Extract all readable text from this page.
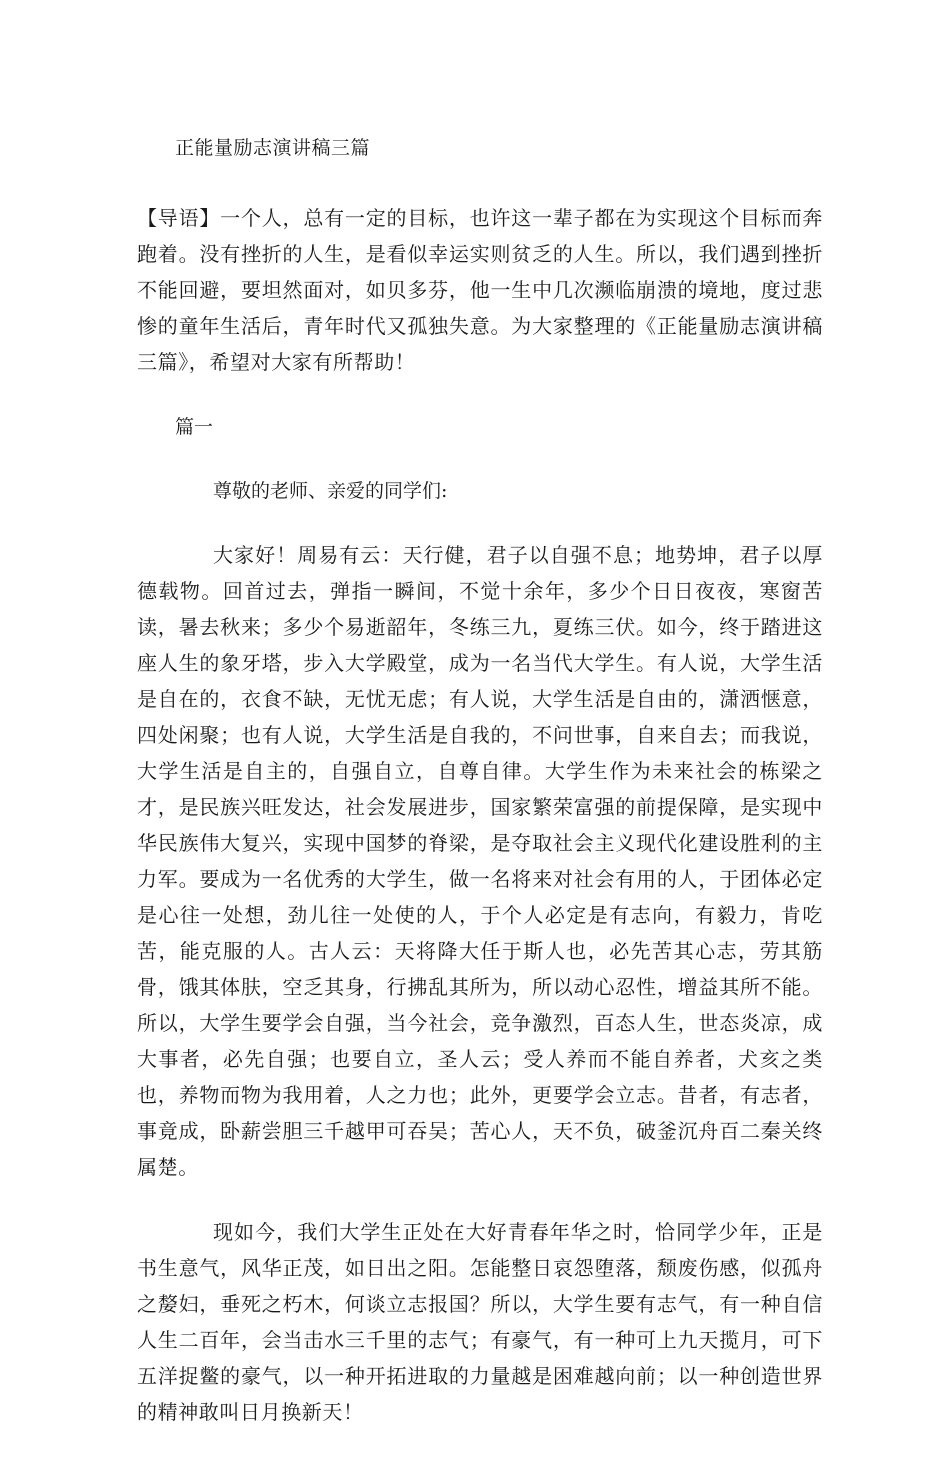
正能量励志演讲稿三篇

【导语】一个人，总有一定的目标，也许这一辈子都在为实现这个目标而奔跑着。没有挫折的人生，是看似幸运实则贫乏的人生。所以，我们遇到挫折不能回避，要坦然面对，如贝多芬，他一生中几次濒临崩溃的境地，度过悲惨的童年生活后，青年时代又孤独失意。为大家整理的《正能量励志演讲稿三篇》，希望对大家有所帮助！

篇一

尊敬的老师、亲爱的同学们:

大家好！周易有云：天行健，君子以自强不息；地势坤，君子以厚德载物。回首过去，弹指一瞬间，不觉十余年，多少个日日夜夜，寒窗苦读，暑去秋来；多少个易逝韶年，冬练三九，夏练三伏。如今，终于踏进这座人生的象牙塔，步入大学殿堂，成为一名当代大学生。有人说，大学生活是自在的，衣食不缺，无忧无虑；有人说，大学生活是自由的，潇洒惬意，四处闲聚；也有人说，大学生活是自我的，不问世事，自来自去；而我说，大学生活是自主的，自强自立，自尊自律。大学生作为未来社会的栋梁之才，是民族兴旺发达，社会发展进步，国家繁荣富强的前提保障，是实现中华民族伟大复兴，实现中国梦的脊梁，是夺取社会主义现代化建设胜利的主力军。要成为一名优秀的大学生，做一名将来对社会有用的人，于团体必定是心往一处想，劲儿往一处使的人，于个人必定是有志向，有毅力，肯吃苦，能克服的人。古人云：天将降大任于斯人也，必先苦其心志，劳其筋骨，饿其体肤，空乏其身，行拂乱其所为，所以动心忍性，增益其所不能。所以，大学生要学会自强，当今社会，竞争激烈，百态人生，世态炎凉，成大事者，必先自强；也要自立，圣人云；受人养而不能自养者，犬亥之类也，养物而物为我用着，人之力也；此外，更要学会立志。昔者，有志者，事竟成，卧薪尝胆三千越甲可吞吴；苦心人，天不负，破釜沉舟百二秦关终属楚。

现如今，我们大学生正处在大好青春年华之时，恰同学少年，正是书生意气，风华正茂，如日出之阳。怎能整日哀怨堕落，颓废伤感，似孤舟之嫠妇，垂死之朽木，何谈立志报国？所以，大学生要有志气，有一种自信人生二百年，会当击水三千里的志气；有豪气，有一种可上九天揽月，可下五洋捉鳖的豪气，以一种开拓进取的力量越是困难越向前；以一种创造世界的精神敢叫日月换新天！
